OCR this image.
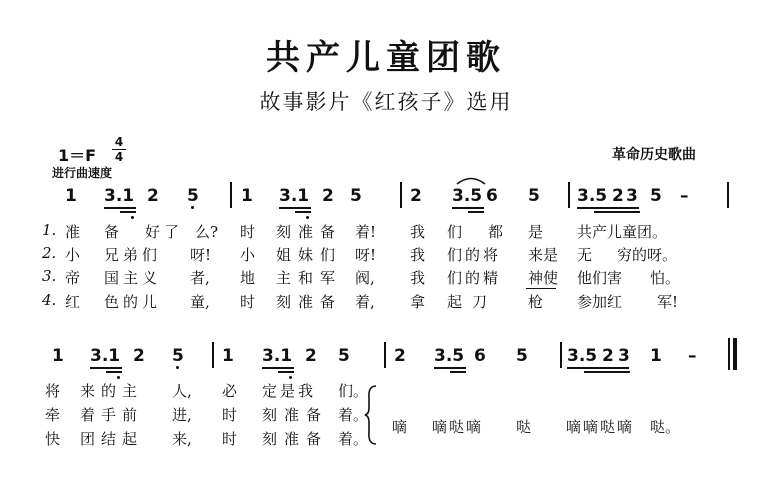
共产儿童团歌
故事影片《红孩子》选用
1＝F
4
4
进行曲速度
革命历史歌曲
1 3.1 2 5 1 3.1 2 5	2 3.5 6 5 3.5 2 3 5 –
1. 准 备 好了 么? 时 刻准备 着! 我 们 都 是 共产儿童团。
2. 小 兄弟们 呀! 小 姐妹们 呀! 我 们的将 来是 无 穷的呀。
3. 帝 国主义 者, 地 主和军 阀, 我 们的精 神使 他们害 怕。
4. 红 色的儿 童, 时 刻准备 着, 拿 起刀 枪 参加红 军!
1 3.1 2 5 1 3.1 2 5	2 3.5 6 5 3.5 2 3 1 –
将 来的主 人, 必 定是我 们。
牵 着手前 进, 时 刻准备 着。
快 团结起 来, 时 刻准备 着。
嘀 嘀哒嘀 哒 嘀嘀哒嘀 哒。
